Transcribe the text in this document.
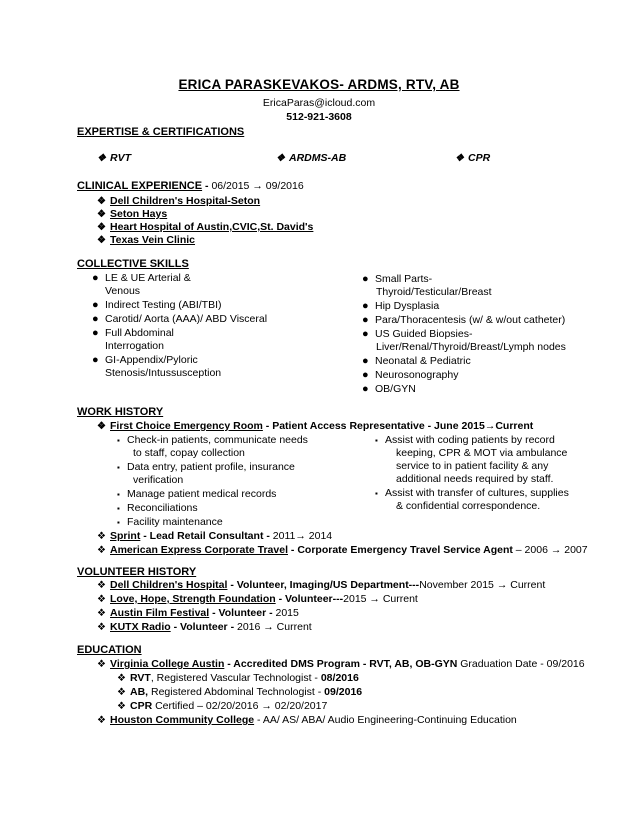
ERICA PARASKEVAKOS- ARDMS, RTV, AB
EricaParas@icloud.com
512-921-3608
EXPERTISE & CERTIFICATIONS
❖ RVT	❖ ARDMS-AB	❖ CPR
CLINICAL EXPERIENCE - 06/2015 → 09/2016
❖ Dell Children's Hospital-Seton
❖ Seton Hays
❖ Heart Hospital of Austin,CVIC,St. David's
❖ Texas Vein Clinic
COLLECTIVE SKILLS
● LE & UE Arterial &
Venous
● Indirect Testing (ABI/TBI)
● Carotid/ Aorta (AAA)/ ABD Visceral
● Full Abdominal
Interrogation
● GI-Appendix/Pyloric
Stenosis/Intussusception
● Small Parts-
Thyroid/Testicular/Breast
● Hip Dysplasia
● Para/Thoracentesis (w/ & w/out catheter)
● US Guided Biopsies-
Liver/Renal/Thyroid/Breast/Lymph nodes
● Neonatal & Pediatric
● Neurosonography
● OB/GYN
WORK HISTORY
❖ First Choice Emergency Room - Patient Access Representative - June 2015→Current
▪ Check-in patients, communicate needs
to staff, copay collection
▪ Data entry, patient profile, insurance
verification
▪ Manage patient medical records
▪ Reconciliations
▪ Facility maintenance
▪ Assist with coding patients by record
keeping, CPR & MOT via ambulance
service to in patient facility & any
additional needs required by staff.
▪ Assist with transfer of cultures, supplies
& confidential correspondence.
❖ Sprint - Lead Retail Consultant - 2011→ 2014
❖ American Express Corporate Travel - Corporate Emergency Travel Service Agent – 2006 → 2007
VOLUNTEER HISTORY
❖ Dell Children's Hospital - Volunteer, Imaging/US Department---November 2015 → Current
❖ Love, Hope, Strength Foundation - Volunteer---2015 → Current
❖ Austin Film Festival - Volunteer - 2015
❖ KUTX Radio - Volunteer - 2016 → Current
EDUCATION
❖ Virginia College Austin - Accredited DMS Program - RVT, AB, OB-GYN Graduation Date - 09/2016
❖ RVT, Registered Vascular Technologist - 08/2016
❖ AB, Registered Abdominal Technologist - 09/2016
❖ CPR Certified – 02/20/2016 → 02/20/2017
❖ Houston Community College - AA/ AS/ ABA/ Audio Engineering-Continuing Education
